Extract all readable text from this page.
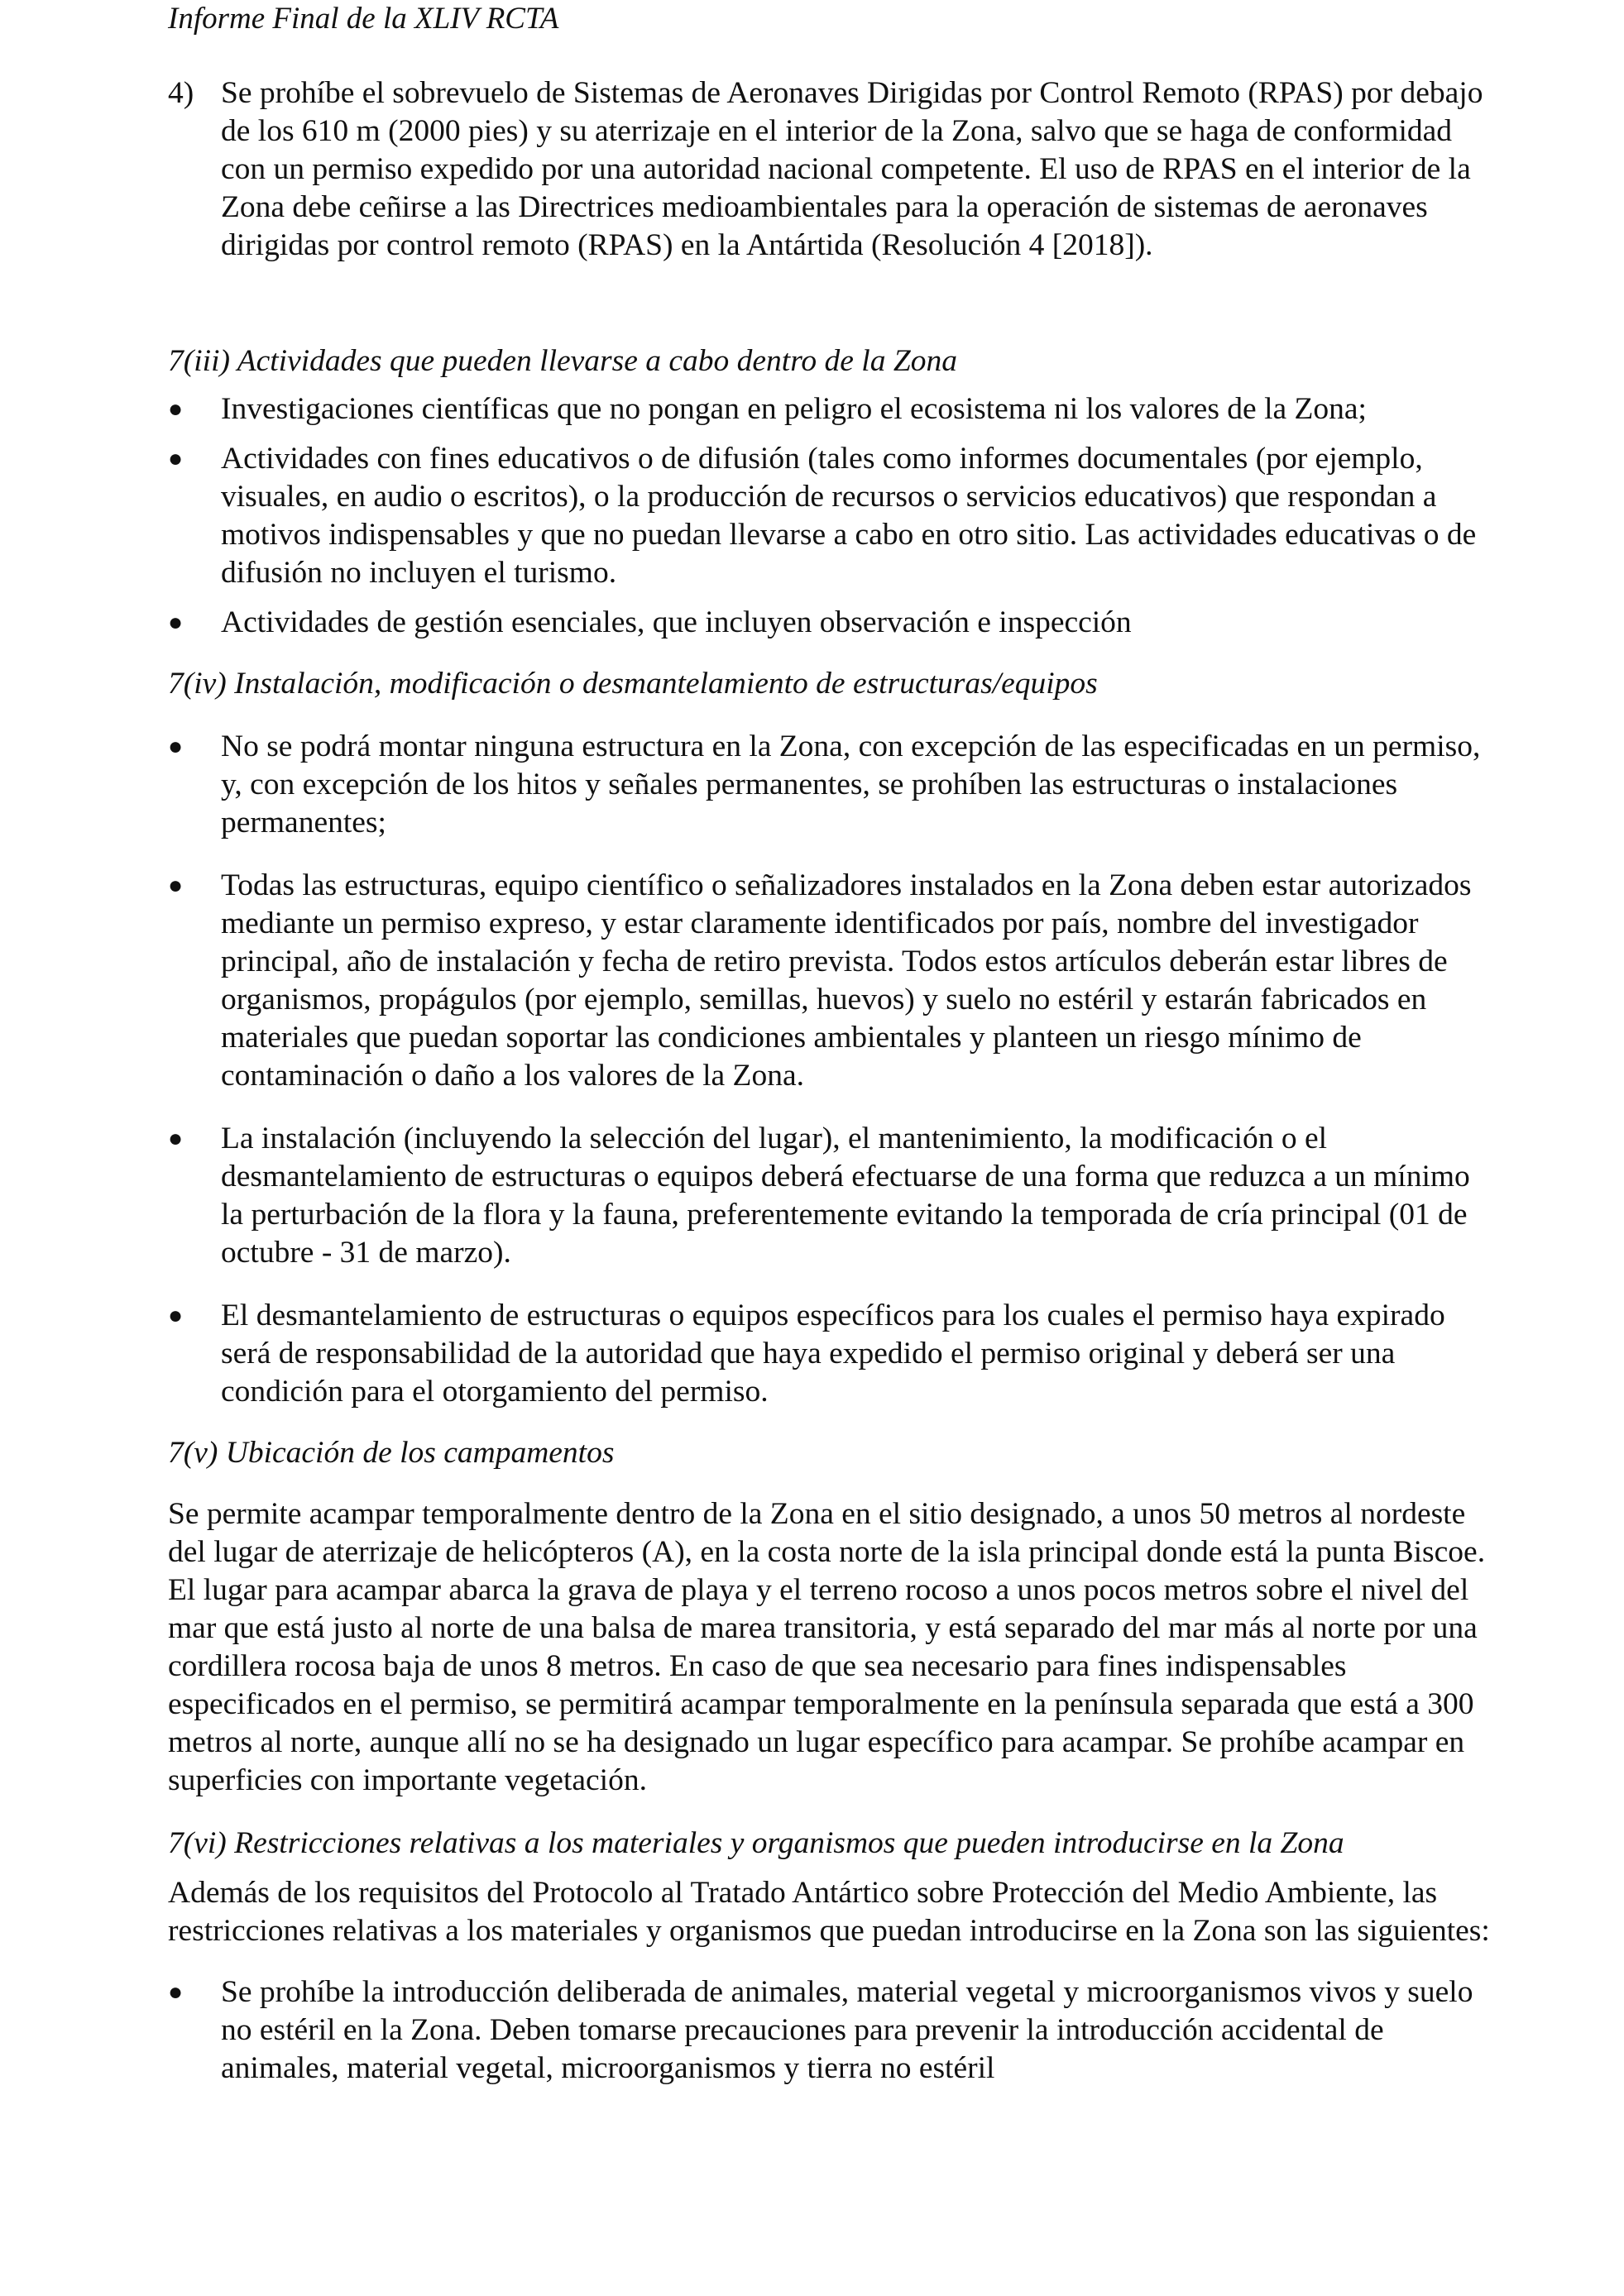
Informe Final de la XLIV RCTA

4) Se prohíbe el sobrevuelo de Sistemas de Aeronaves Dirigidas por Control Remoto (RPAS) por debajo de los 610 m (2000 pies) y su aterrizaje en el interior de la Zona, salvo que se haga de conformidad con un permiso expedido por una autoridad nacional competente. El uso de RPAS en el interior de la Zona debe ceñirse a las Directrices medioambientales para la operación de sistemas de aeronaves dirigidas por control remoto (RPAS) en la Antártida (Resolución 4 [2018]).
7(iii) Actividades que pueden llevarse a cabo dentro de la Zona
● Investigaciones científicas que no pongan en peligro el ecosistema ni los valores de la Zona;
● Actividades con fines educativos o de difusión (tales como informes documentales (por ejemplo, visuales, en audio o escritos), o la producción de recursos o servicios educativos) que respondan a motivos indispensables y que no puedan llevarse a cabo en otro sitio. Las actividades educativas o de difusión no incluyen el turismo.
● Actividades de gestión esenciales, que incluyen observación e inspección
7(iv) Instalación, modificación o desmantelamiento de estructuras/equipos
● No se podrá montar ninguna estructura en la Zona, con excepción de las especificadas en un permiso, y, con excepción de los hitos y señales permanentes, se prohíben las estructuras o instalaciones permanentes;
● Todas las estructuras, equipo científico o señalizadores instalados en la Zona deben estar autorizados mediante un permiso expreso, y estar claramente identificados por país, nombre del investigador principal, año de instalación y fecha de retiro prevista. Todos estos artículos deberán estar libres de organismos, propágulos (por ejemplo, semillas, huevos) y suelo no estéril y estarán fabricados en materiales que puedan soportar las condiciones ambientales y planteen un riesgo mínimo de contaminación o daño a los valores de la Zona.
● La instalación (incluyendo la selección del lugar), el mantenimiento, la modificación o el desmantelamiento de estructuras o equipos deberá efectuarse de una forma que reduzca a un mínimo la perturbación de la flora y la fauna, preferentemente evitando la temporada de cría principal (01 de octubre - 31 de marzo).
● El desmantelamiento de estructuras o equipos específicos para los cuales el permiso haya expirado será de responsabilidad de la autoridad que haya expedido el permiso original y deberá ser una condición para el otorgamiento del permiso.
7(v) Ubicación de los campamentos

Se permite acampar temporalmente dentro de la Zona en el sitio designado, a unos 50 metros al nordeste del lugar de aterrizaje de helicópteros (A), en la costa norte de la isla principal donde está la punta Biscoe. El lugar para acampar abarca la grava de playa y el terreno rocoso a unos pocos metros sobre el nivel del mar que está justo al norte de una balsa de marea transitoria, y está separado del mar más al norte por una cordillera rocosa baja de unos 8 metros. En caso de que sea necesario para fines indispensables especificados en el permiso, se permitirá acampar temporalmente en la península separada que está a 300 metros al norte, aunque allí no se ha designado un lugar específico para acampar. Se prohíbe acampar en superficies con importante vegetación.

7(vi) Restricciones relativas a los materiales y organismos que pueden introducirse en la Zona

Además de los requisitos del Protocolo al Tratado Antártico sobre Protección del Medio Ambiente, las restricciones relativas a los materiales y organismos que puedan introducirse en la Zona son las siguientes:

● Se prohíbe la introducción deliberada de animales, material vegetal y microorganismos vivos y suelo no estéril en la Zona. Deben tomarse precauciones para prevenir la introducción accidental de animales, material vegetal, microorganismos y tierra no estéril
